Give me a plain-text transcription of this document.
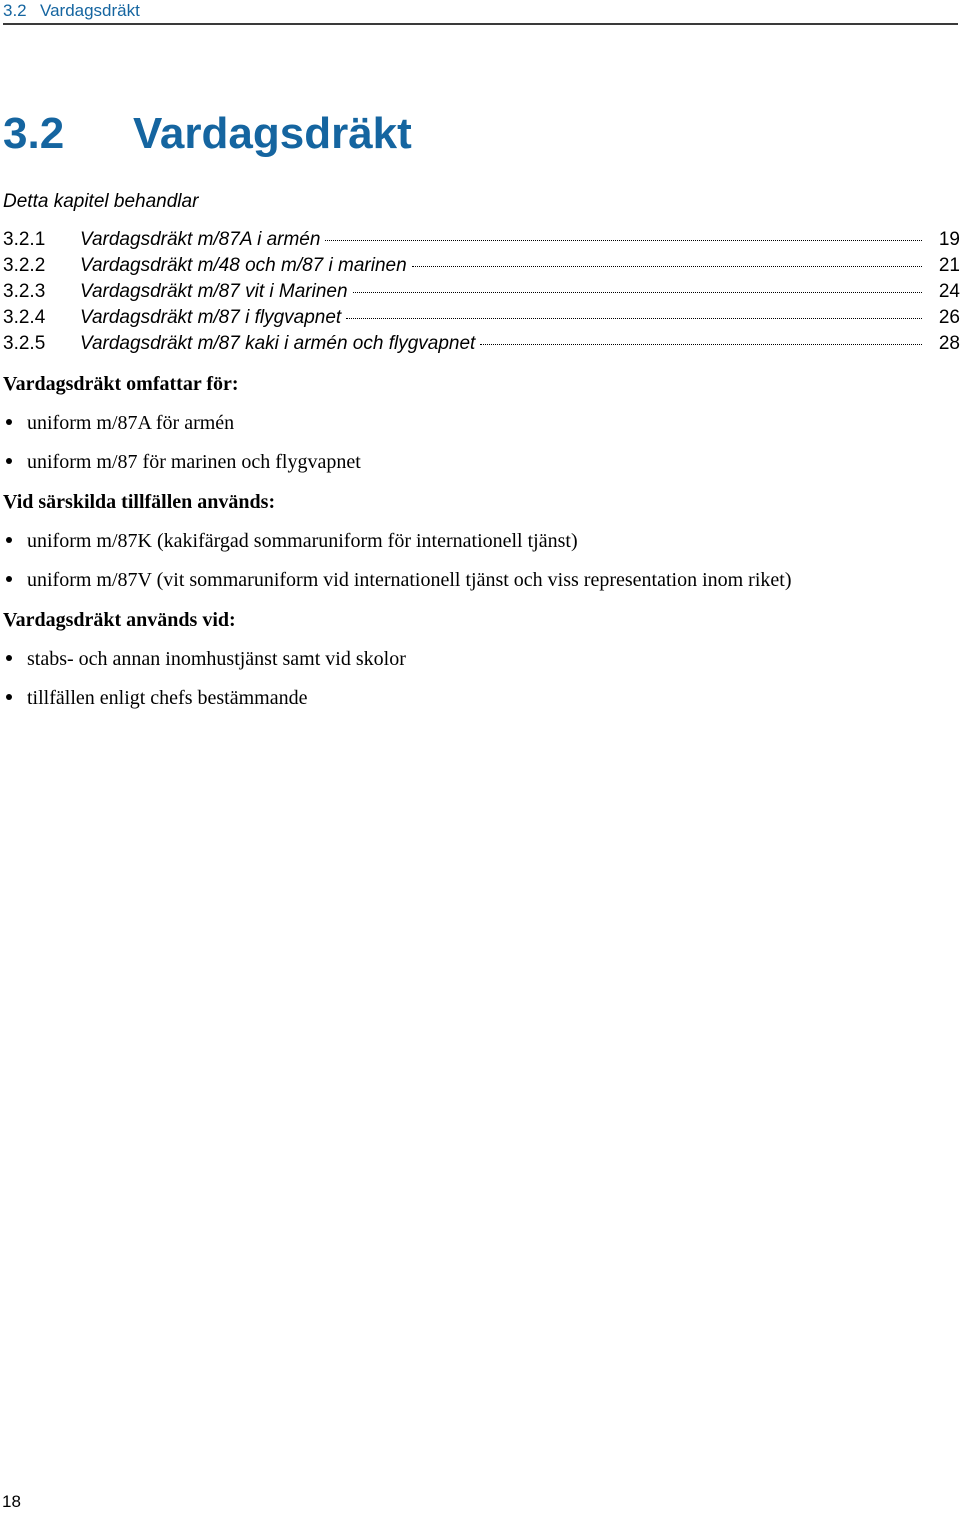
3.2 Vardagsdräkt
3.2 Vardagsdräkt
Detta kapitel behandlar
3.2.1	Vardagsdräkt m/87A i armén	19
3.2.2	Vardagsdräkt m/48 och m/87 i marinen	21
3.2.3	Vardagsdräkt m/87 vit i Marinen	24
3.2.4	Vardagsdräkt m/87 i flygvapnet	26
3.2.5	Vardagsdräkt m/87 kaki i armén och flygvapnet	28
Vardagsdräkt omfattar för:
uniform m/87A för armén
uniform m/87 för marinen och flygvapnet
Vid särskilda tillfällen används:
uniform m/87K (kakifärgad sommaruniform för internationell tjänst)
uniform m/87V (vit sommaruniform vid internationell tjänst och viss representation inom riket)
Vardagsdräkt används vid:
stabs- och annan inomhustjänst samt vid skolor
tillfällen enligt chefs bestämmande
18
